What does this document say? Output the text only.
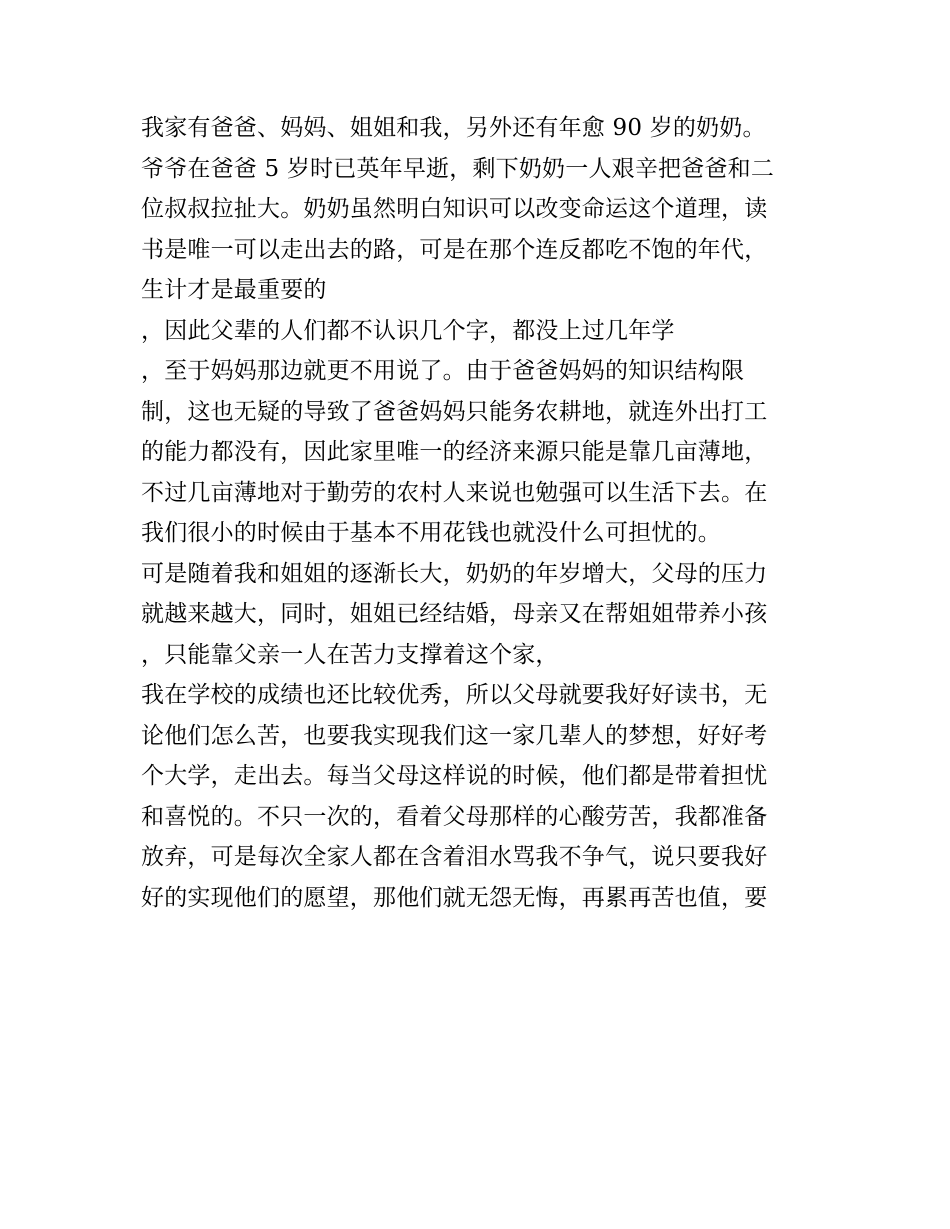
我家有爸爸、妈妈、姐姐和我，另外还有年愈 90 岁的奶奶。
爷爷在爸爸 5 岁时已英年早逝，剩下奶奶一人艰辛把爸爸和二
位叔叔拉扯大。奶奶虽然明白知识可以改变命运这个道理，读
书是唯一可以走出去的路，可是在那个连反都吃不饱的年代，
生计才是最重要的
，因此父辈的人们都不认识几个字，都没上过几年学
，至于妈妈那边就更不用说了。由于爸爸妈妈的知识结构限
制，这也无疑的导致了爸爸妈妈只能务农耕地，就连外出打工
的能力都没有，因此家里唯一的经济来源只能是靠几亩薄地，
不过几亩薄地对于勤劳的农村人来说也勉强可以生活下去。在
我们很小的时候由于基本不用花钱也就没什么可担忧的。
可是随着我和姐姐的逐渐长大，奶奶的年岁增大，父母的压力
就越来越大，同时，姐姐已经结婚，母亲又在帮姐姐带养小孩
，只能靠父亲一人在苦力支撑着这个家，
我在学校的成绩也还比较优秀，所以父母就要我好好读书，无
论他们怎么苦，也要我实现我们这一家几辈人的梦想，好好考
个大学，走出去。每当父母这样说的时候，他们都是带着担忧
和喜悦的。不只一次的，看着父母那样的心酸劳苦，我都准备
放弃，可是每次全家人都在含着泪水骂我不争气，说只要我好
好的实现他们的愿望，那他们就无怨无悔，再累再苦也值，要
